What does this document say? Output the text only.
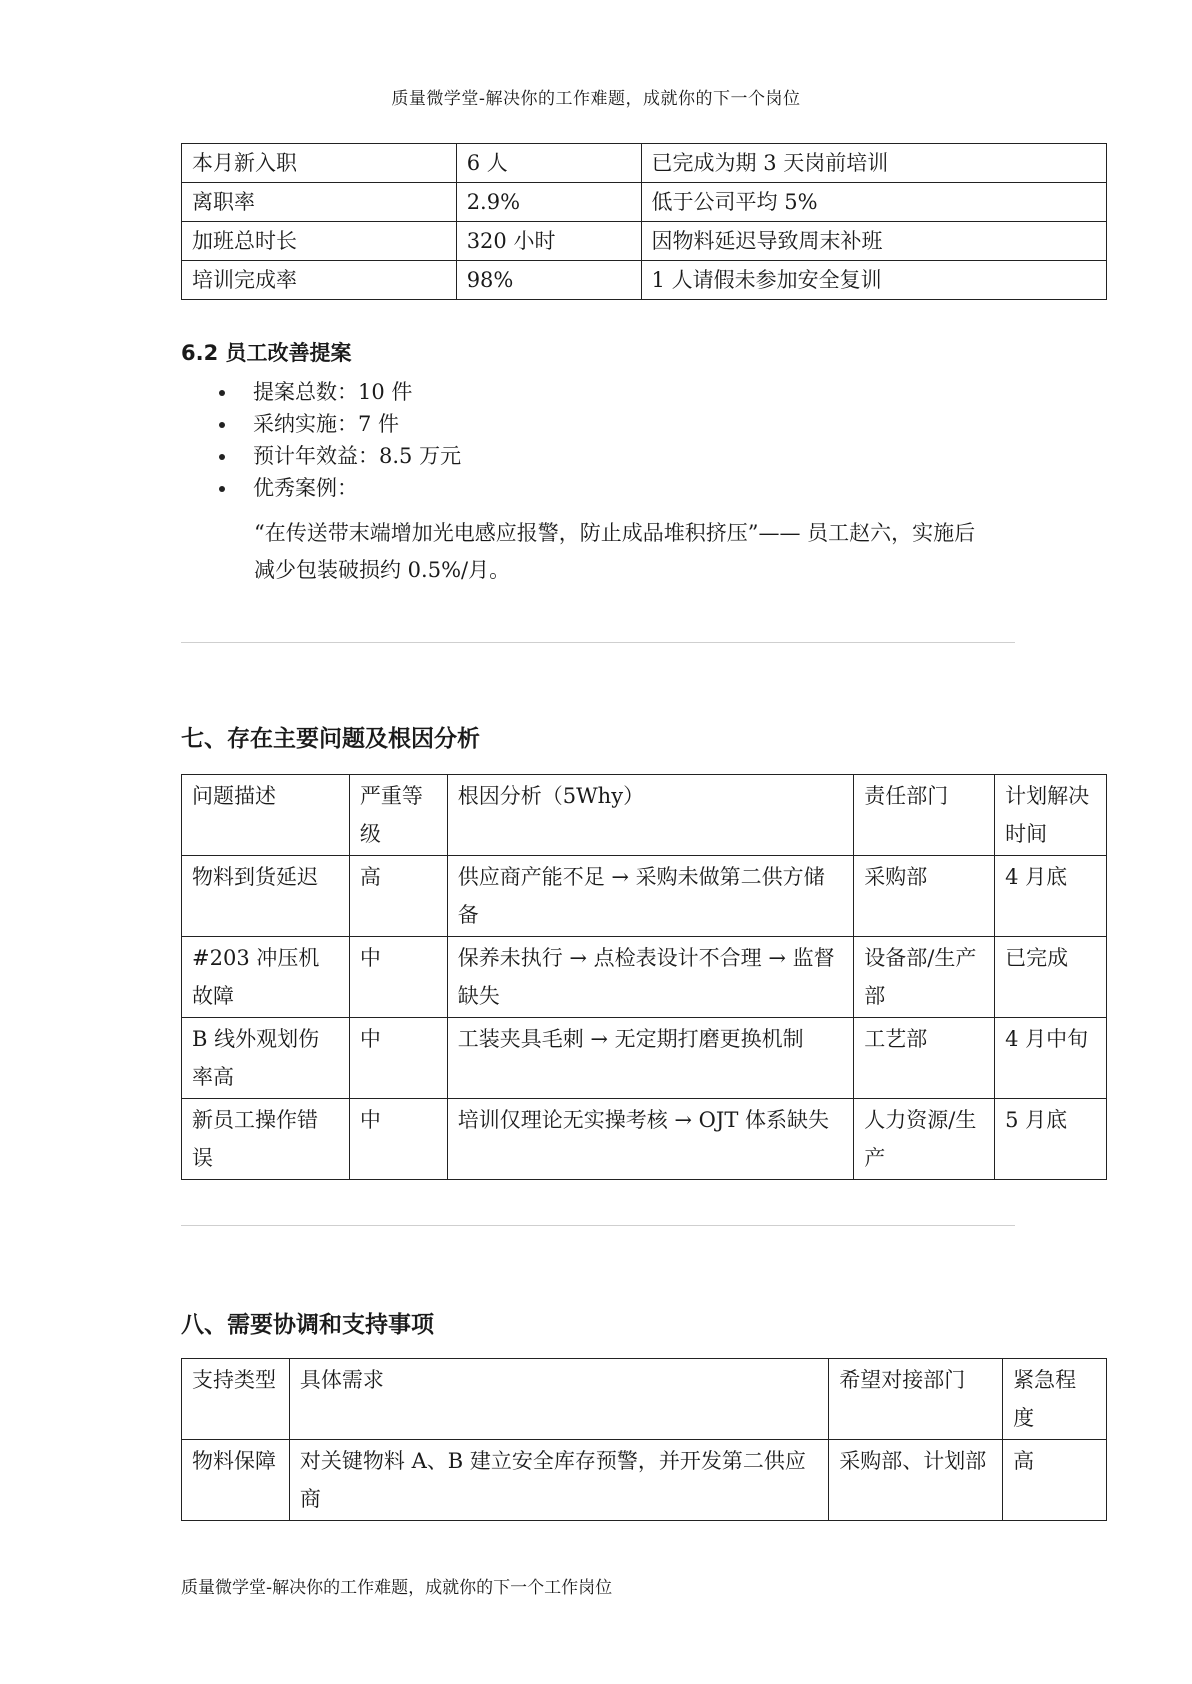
质量微学堂-解决你的工作难题，成就你的下一个岗位
本月新入职	6 人	已完成为期 3 天岗前培训
离职率	2.9%	低于公司平均 5%
加班总时长	320 小时	因物料延迟导致周末补班
培训完成率	98%	1 人请假未参加安全复训
6.2 员工改善提案
提案总数：10 件
采纳实施：7 件
预计年效益：8.5 万元
优秀案例：
“在传送带末端增加光电感应报警，防止成品堆积挤压”—— 员工赵六，实施后减少包装破损约 0.5%/月。
七、存在主要问题及根因分析
问题描述	严重等级	根因分析（5Why）	责任部门	计划解决时间
物料到货延迟	高	供应商产能不足 → 采购未做第二供方储备	采购部	4 月底
#203 冲压机故障	中	保养未执行 → 点检表设计不合理 → 监督缺失	设备部/生产部	已完成
B 线外观划伤率高	中	工装夹具毛刺 → 无定期打磨更换机制	工艺部	4 月中旬
新员工操作错误	中	培训仅理论无实操考核 → OJT 体系缺失	人力资源/生产	5 月底
八、需要协调和支持事项
支持类型	具体需求	希望对接部门	紧急程度
物料保障	对关键物料 A、B 建立安全库存预警，并开发第二供应商	采购部、计划部	高
质量微学堂-解决你的工作难题，成就你的下一个工作岗位
